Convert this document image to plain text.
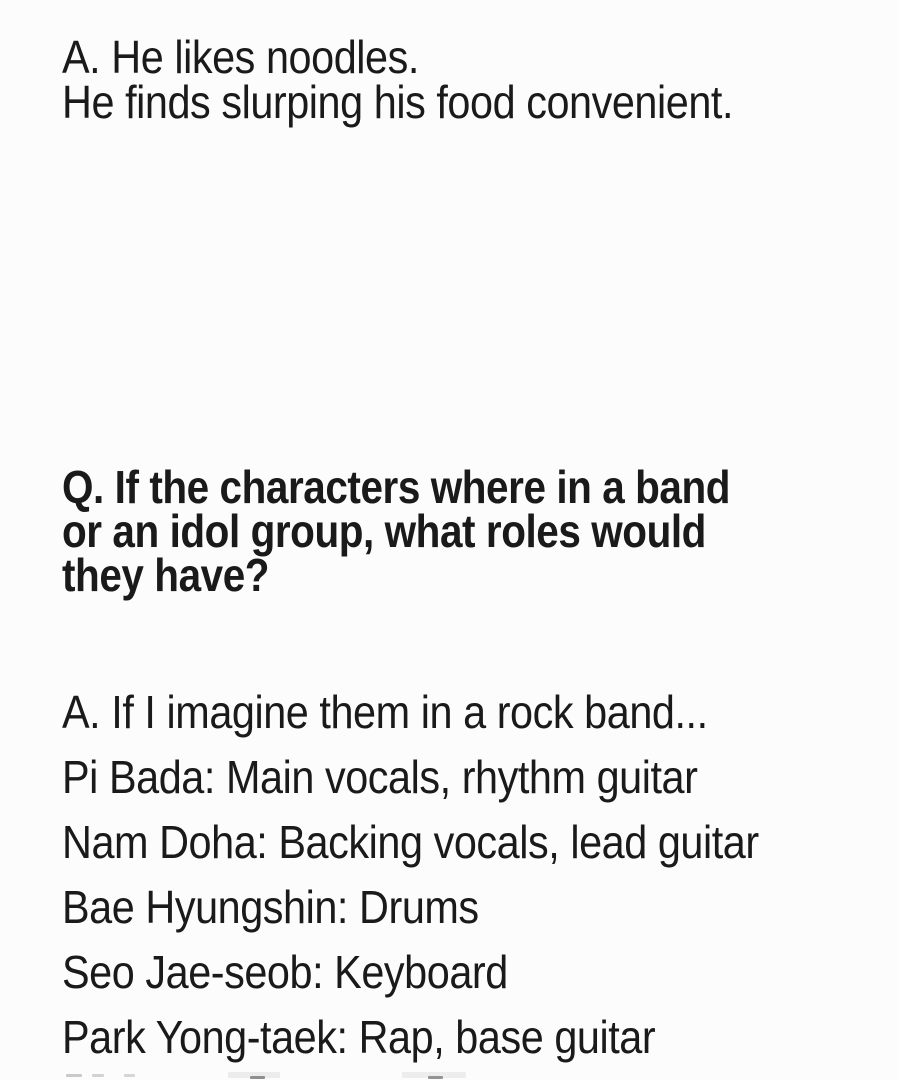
A. He likes noodles.
He finds slurping his food convenient.

Q. If the characters where in a band
or an idol group, what roles would
they have?

A. If I imagine them in a rock band...
Pi Bada: Main vocals, rhythm guitar
Nam Doha: Backing vocals, lead guitar
Bae Hyungshin: Drums
Seo Jae-seob: Keyboard
Park Yong-taek: Rap, base guitar
